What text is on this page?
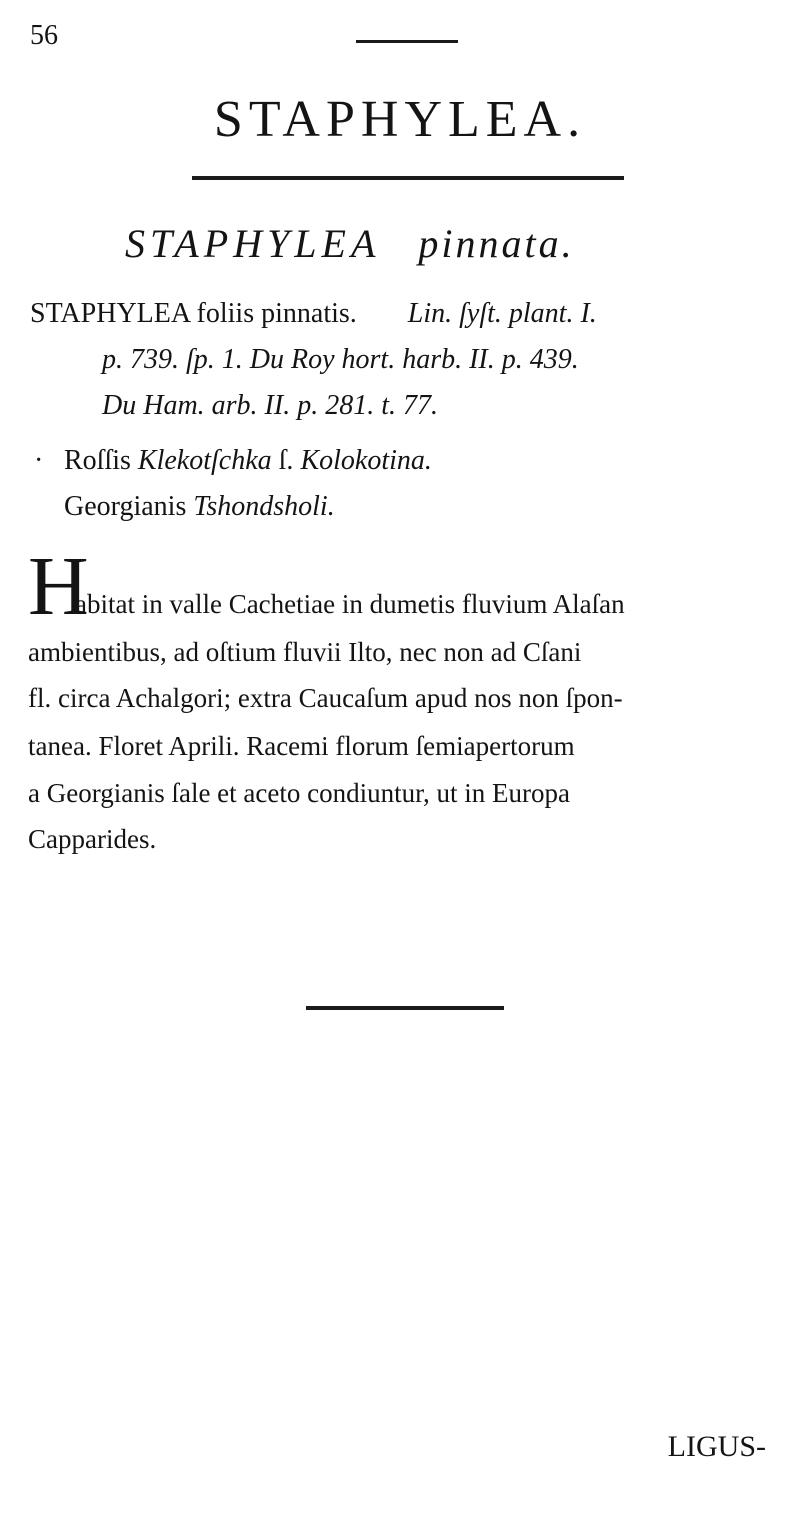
56
STAPHYLEA.
STAPHYLEA pinnata.
STAPHYLEA foliis pinnatis. Lin. ſyſt. plant. I.
p. 739. ſp. 1. Du Roy hort. harb. II. p. 439.
Du Ham. arb. II. p. 281. t. 77.
· Roſſis Klekotſchka ſ. Kolokotina.
Georgianis Tshondsholi.
H
abitat in valle Cachetiae in dumetis fluvium Alaſan
ambientibus, ad oſtium fluvii Ilto, nec non ad Cſani
fl. circa Achalgori; extra Caucaſum apud nos non ſpon-
tanea. Floret Aprili. Racemi florum ſemiapertorum
a Georgianis ſale et aceto condiuntur, ut in Europa
Capparides.
LIGUS-
